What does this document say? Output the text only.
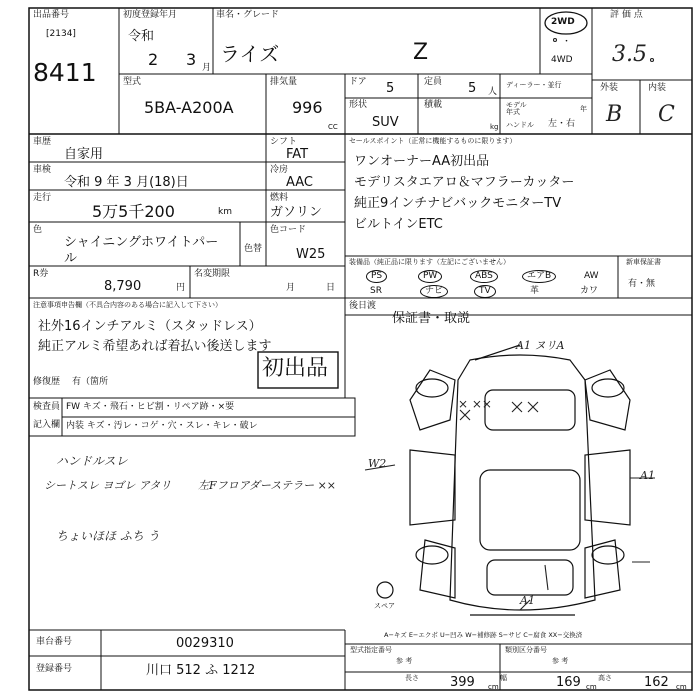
出品番号
[2134]
8411
初度登録年月
令和
2 3 月
車名・グレード
ライズ	Z
2WD
・
4WD
評 価 点
3.5
外装	内装
B C
型式
5BA-A200A
排気量
996
CC
ドア 5	定員 5 人
ディーラー・並行
モデル年式	年
形状
SUV
積載
kg ハンドル 左・右
車歴
自家用
シフト
FAT
車検
令和 9 年 3 月(18)日
冷房
AAC
走行
5万5千200	km
燃料
ガソリン
色
シャイニングホワイトパー
ル
色替
色コード
W25
R券
8,790	円
名変期限
月	日
セールスポイント（正常に機能するものに限ります）
ワンオーナーAA初出品
モデリスタエアロ＆マフラーカッター
純正9インチナビバックモニターTV
ビルトインETC
装備品（純正品に限ります（左記にございません）	新車保証書
有・無
PS	PW	ABS	エアB	AW
SR	ナビ	TV	革	カワ
後日渡
保証書・取説
注意事項申告欄（不具合内容のある場合に記入して下さい）
社外16インチアルミ（スタッドレス）
純正アルミ希望あれば着払い後送します
初出品
修復歴 有（箇所
検査員
記入欄
FW キズ・飛石・ヒビ割・リペア跡・×要
内装 キズ・汚レ・コゲ・穴・スレ・キレ・破レ
ハンドルスレ
シートスレ ヨゴレ アタリ 左Fフロアダーステラー ××
ちょいほほ ふち う
A1 ヌリA
× ××
W2
A1
A1
スペア
A−キズ E−エクボ U−凹み W−補修跡 S−サビ C−腐食 XX−交換済
車台番号	0029310
登録番号	川口 512 ふ 1212
型式指定番号
参 考
類別区分番号
参 考
長さ 399 cm
幅	169 cm
高さ 162 cm
